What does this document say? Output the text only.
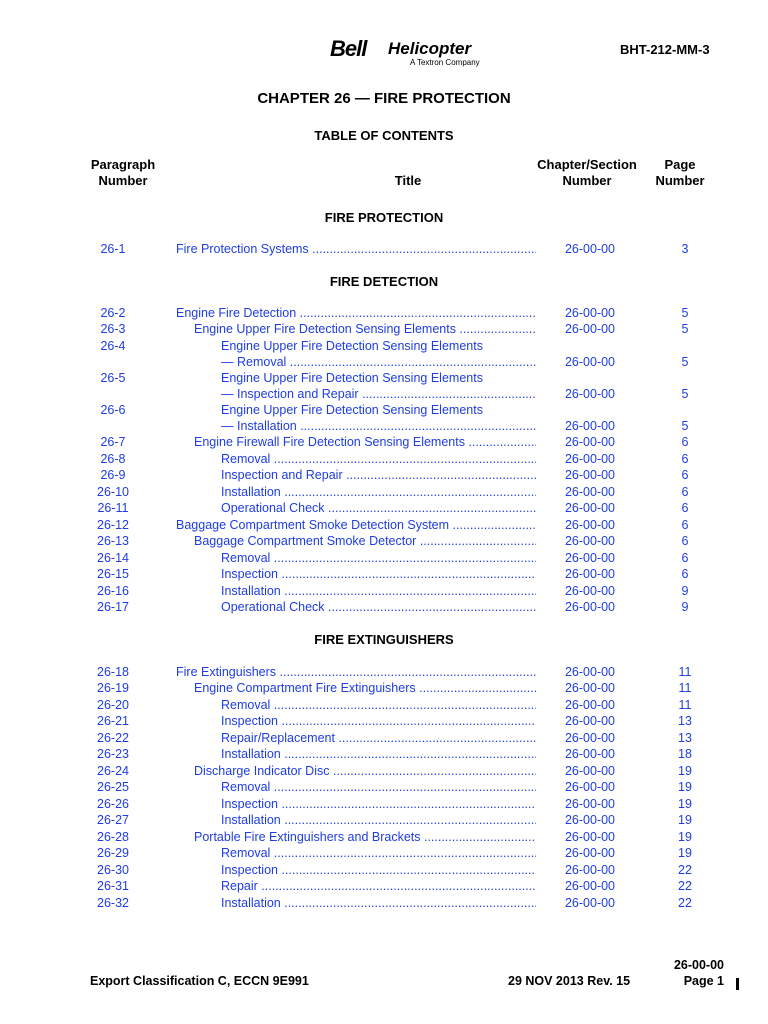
Bell Helicopter
A Textron Company
BHT-212-MM-3
CHAPTER 26 — FIRE PROTECTION
TABLE OF CONTENTS
Paragraph
Number	Title
Chapter/Section
Number
Page
Number
FIRE PROTECTION
26-1	Fire Protection Systems .....	26-00-00	3
FIRE DETECTION
26-2	Engine Fire Detection .....	26-00-00	5
26-3	Engine Upper Fire Detection Sensing Elements .....	26-00-00	5
26-4	Engine Upper Fire Detection Sensing Elements
— Removal .....	26-00-00	5
26-5	Engine Upper Fire Detection Sensing Elements
— Inspection and Repair .....	26-00-00	5
26-6	Engine Upper Fire Detection Sensing Elements
— Installation .....	26-00-00	5
26-7	Engine Firewall Fire Detection Sensing Elements .....	26-00-00	6
26-8	Removal .....	26-00-00	6
26-9	Inspection and Repair .....	26-00-00	6
26-10	Installation .....	26-00-00	6
26-11	Operational Check .....	26-00-00	6
26-12	Baggage Compartment Smoke Detection System .....	26-00-00	6
26-13	Baggage Compartment Smoke Detector .....	26-00-00	6
26-14	Removal .....	26-00-00	6
26-15	Inspection .....	26-00-00	6
26-16	Installation .....	26-00-00	9
26-17	Operational Check .....	26-00-00	9
FIRE EXTINGUISHERS
26-18	Fire Extinguishers .....	26-00-00	11
26-19	Engine Compartment Fire Extinguishers .....	26-00-00	11
26-20	Removal .....	26-00-00	11
26-21	Inspection .....	26-00-00	13
26-22	Repair/Replacement .....	26-00-00	13
26-23	Installation .....	26-00-00	18
26-24	Discharge Indicator Disc .....	26-00-00	19
26-25	Removal .....	26-00-00	19
26-26	Inspection .....	26-00-00	19
26-27	Installation .....	26-00-00	19
26-28	Portable Fire Extinguishers and Brackets .....	26-00-00	19
26-29	Removal .....	26-00-00	19
26-30	Inspection .....	26-00-00	22
26-31	Repair .....	26-00-00	22
26-32	Installation .....	26-00-00	22
Export Classification C, ECCN 9E991	29 NOV 2013 Rev. 15
26-00-00
Page 1
